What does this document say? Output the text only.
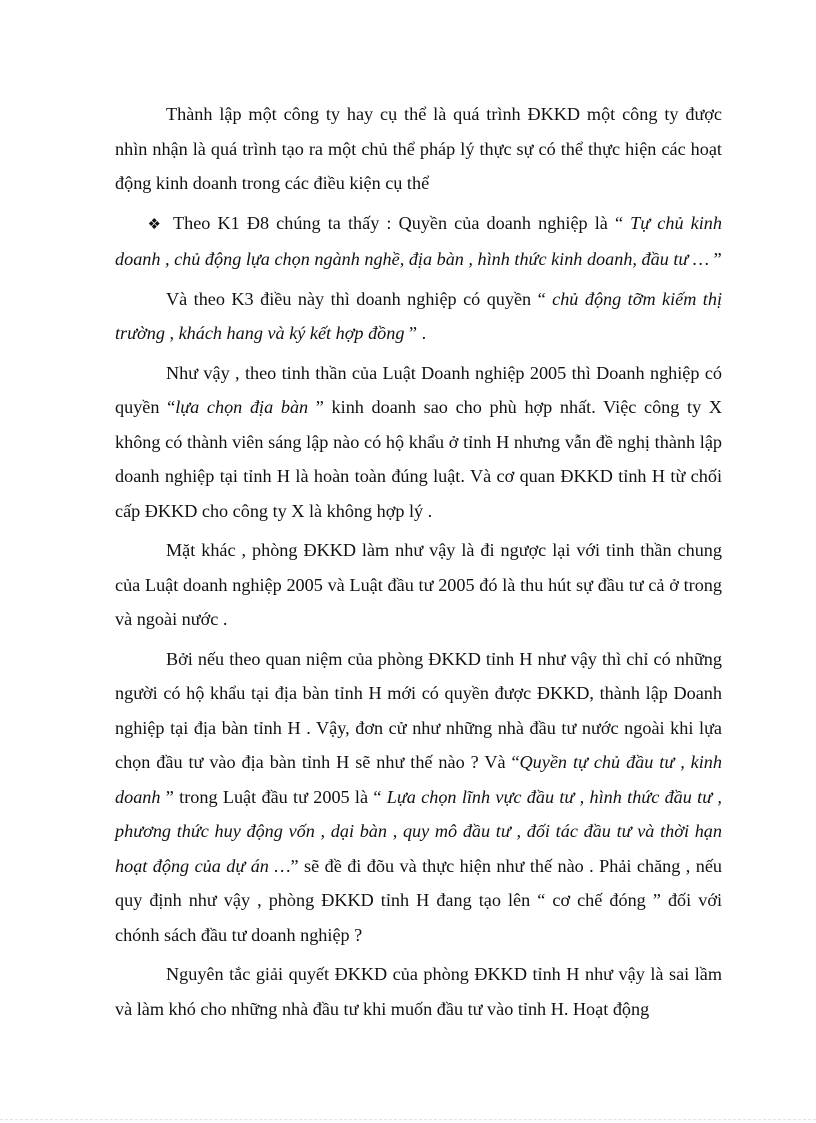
Thành lập một công ty hay cụ thể là quá trình ĐKKD một công ty được nhìn nhận là quá trình tạo ra một chủ thể pháp lý thực sự có thể thực hiện các hoạt động kinh doanh trong các điều kiện cụ thể

❖ Theo K1 Đ8 chúng ta thấy : Quyền của doanh nghiệp là “ Tự chủ kinh doanh , chủ động lựa chọn ngành nghề, địa bàn , hình thức kinh doanh, đầu tư … ”

Và theo K3 điều này thì doanh nghiệp có quyền “ chủ động tỡm kiếm thị trường , khách hang và ký kết hợp đồng ” .

Như vậy , theo tinh thần của Luật Doanh nghiệp 2005 thì Doanh nghiệp có quyền “lựa chọn địa bàn ” kinh doanh sao cho phù hợp nhất. Việc công ty X không có thành viên sáng lập nào có hộ khẩu ở tỉnh H nhưng vẫn đề nghị thành lập doanh nghiệp tại tỉnh H là hoàn toàn đúng luật. Và cơ quan ĐKKD tỉnh H từ chối cấp ĐKKD cho công ty X là không hợp lý .

Mặt khác , phòng ĐKKD làm như vậy là đi ngược lại với tinh thần chung của Luật doanh nghiệp 2005 và Luật đầu tư 2005 đó là thu hút sự đầu tư cả ở trong và ngoài nước .

Bởi nếu theo quan niệm của phòng ĐKKD tỉnh H như vậy thì chỉ có những người có hộ khẩu tại địa bàn tỉnh H mới có quyền được ĐKKD, thành lập Doanh nghiệp tại địa bàn tỉnh H . Vậy, đơn cử như những nhà đầu tư nước ngoài khi lựa chọn đầu tư vào địa bàn tỉnh H sẽ như thế nào ? Và “Quyền tự chủ đầu tư , kinh doanh ” trong Luật đầu tư 2005 là “ Lựa chọn lĩnh vực đầu tư , hình thức đầu tư , phương thức huy động vốn , dại bàn , quy mô đầu tư , đối tác đầu tư và thời hạn hoạt động của dự án …” sẽ đề đi đõu và thực hiện như thế nào . Phải chăng , nếu quy định như vậy , phòng ĐKKD tỉnh H đang tạo lên “ cơ chế đóng ” đối với chónh sách đầu tư doanh nghiệp ?

Nguyên tắc giải quyết ĐKKD của phòng ĐKKD tỉnh H như vậy là sai lầm và làm khó cho những nhà đầu tư khi muốn đầu tư vào tỉnh H. Hoạt động
